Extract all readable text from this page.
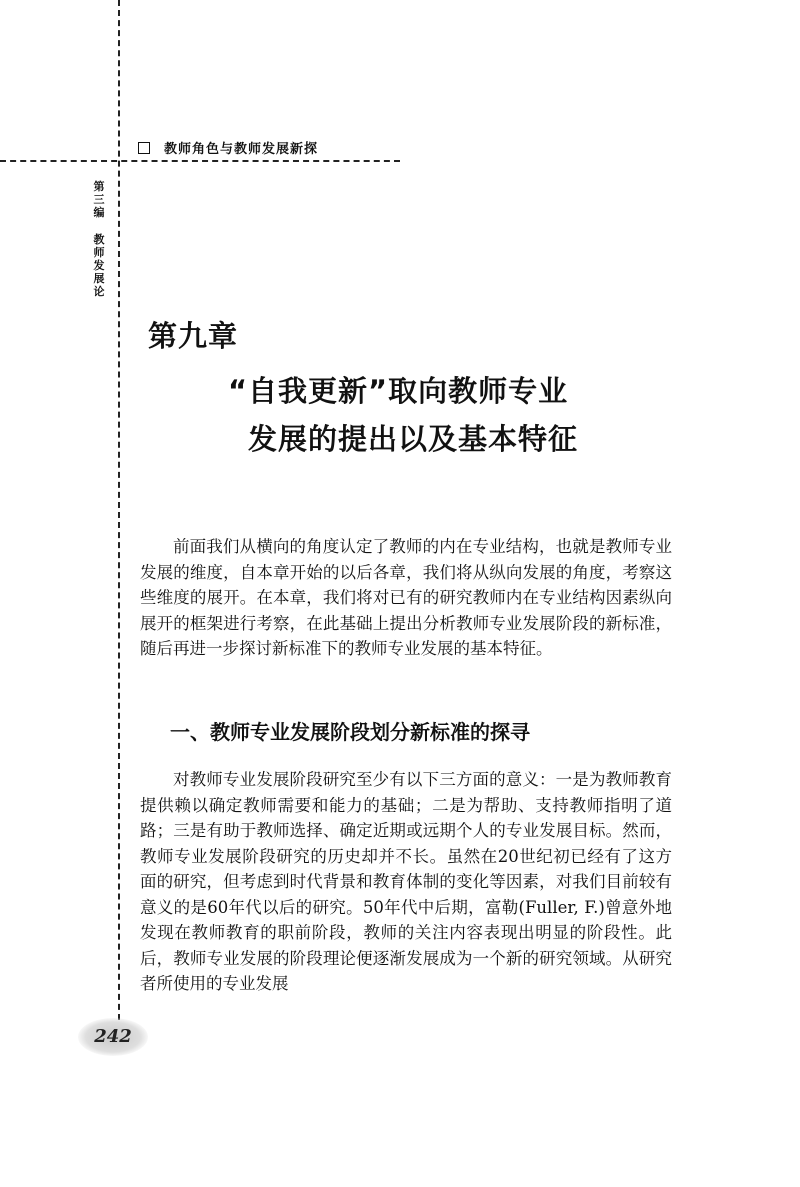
教师角色与教师发展新探
第三编
教师发展论
第九章
“自我更新”取向教师专业
发展的提出以及基本特征

前面我们从横向的角度认定了教师的内在专业结构，也就是教师专业发展的维度，自本章开始的以后各章，我们将从纵向发展的角度，考察这些维度的展开。在本章，我们将对已有的研究教师内在专业结构因素纵向展开的框架进行考察，在此基础上提出分析教师专业发展阶段的新标准，随后再进一步探讨新标准下的教师专业发展的基本特征。

一、教师专业发展阶段划分新标准的探寻

对教师专业发展阶段研究至少有以下三方面的意义：一是为教师教育提供赖以确定教师需要和能力的基础；二是为帮助、支持教师指明了道路；三是有助于教师选择、确定近期或远期个人的专业发展目标。然而，教师专业发展阶段研究的历史却并不长。虽然在20世纪初已经有了这方面的研究，但考虑到时代背景和教育体制的变化等因素，对我们目前较有意义的是60年代以后的研究。50年代中后期，富勒(Fuller, F.)曾意外地发现在教师教育的职前阶段，教师的关注内容表现出明显的阶段性。此后，教师专业发展的阶段理论便逐渐发展成为一个新的研究领域。从研究者所使用的专业发展

242
